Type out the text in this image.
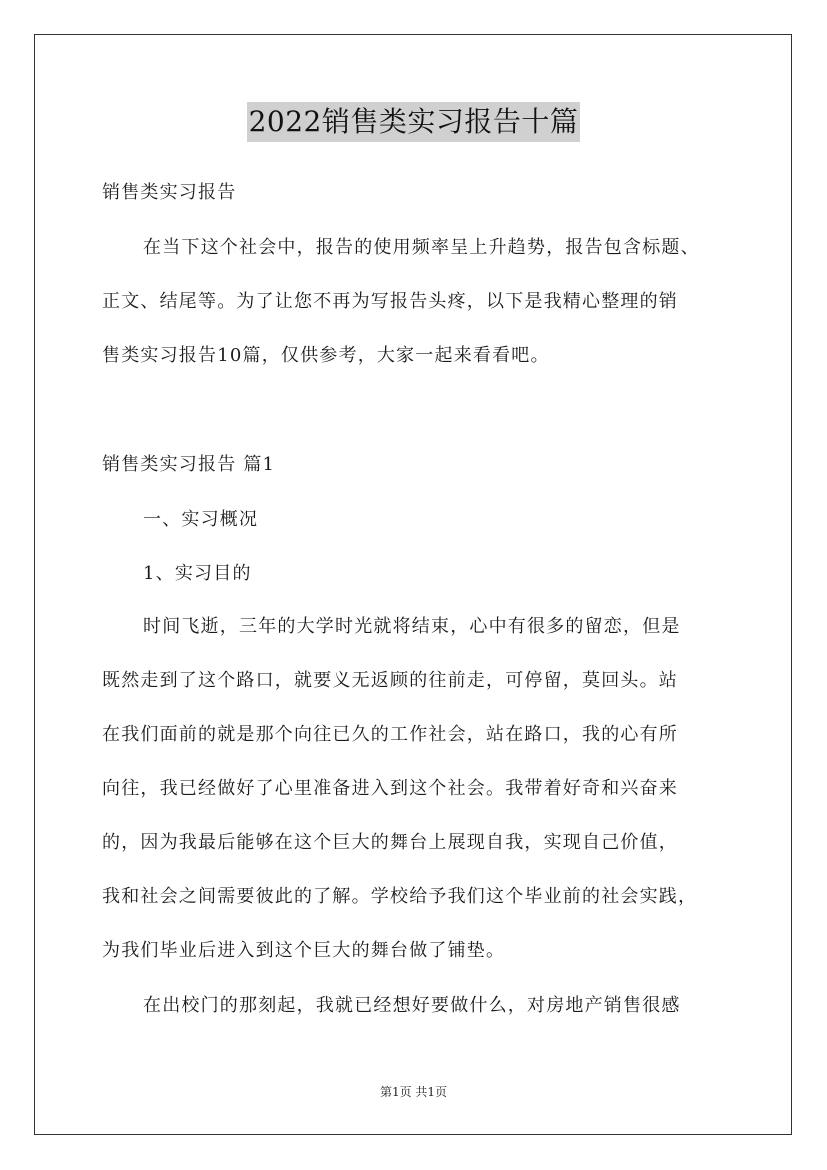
2022销售类实习报告十篇
销售类实习报告
在当下这个社会中，报告的使用频率呈上升趋势，报告包含标题、
正文、结尾等。为了让您不再为写报告头疼，以下是我精心整理的销
售类实习报告10篇，仅供参考，大家一起来看看吧。
销售类实习报告 篇1
一、实习概况
1、实习目的
时间飞逝，三年的大学时光就将结束，心中有很多的留恋，但是
既然走到了这个路口，就要义无返顾的往前走，可停留，莫回头。站
在我们面前的就是那个向往已久的工作社会，站在路口，我的心有所
向往，我已经做好了心里准备进入到这个社会。我带着好奇和兴奋来
的，因为我最后能够在这个巨大的舞台上展现自我，实现自己价值，
我和社会之间需要彼此的了解。学校给予我们这个毕业前的社会实践，
为我们毕业后进入到这个巨大的舞台做了铺垫。
在出校门的那刻起，我就已经想好要做什么，对房地产销售很感
第1页 共1页
